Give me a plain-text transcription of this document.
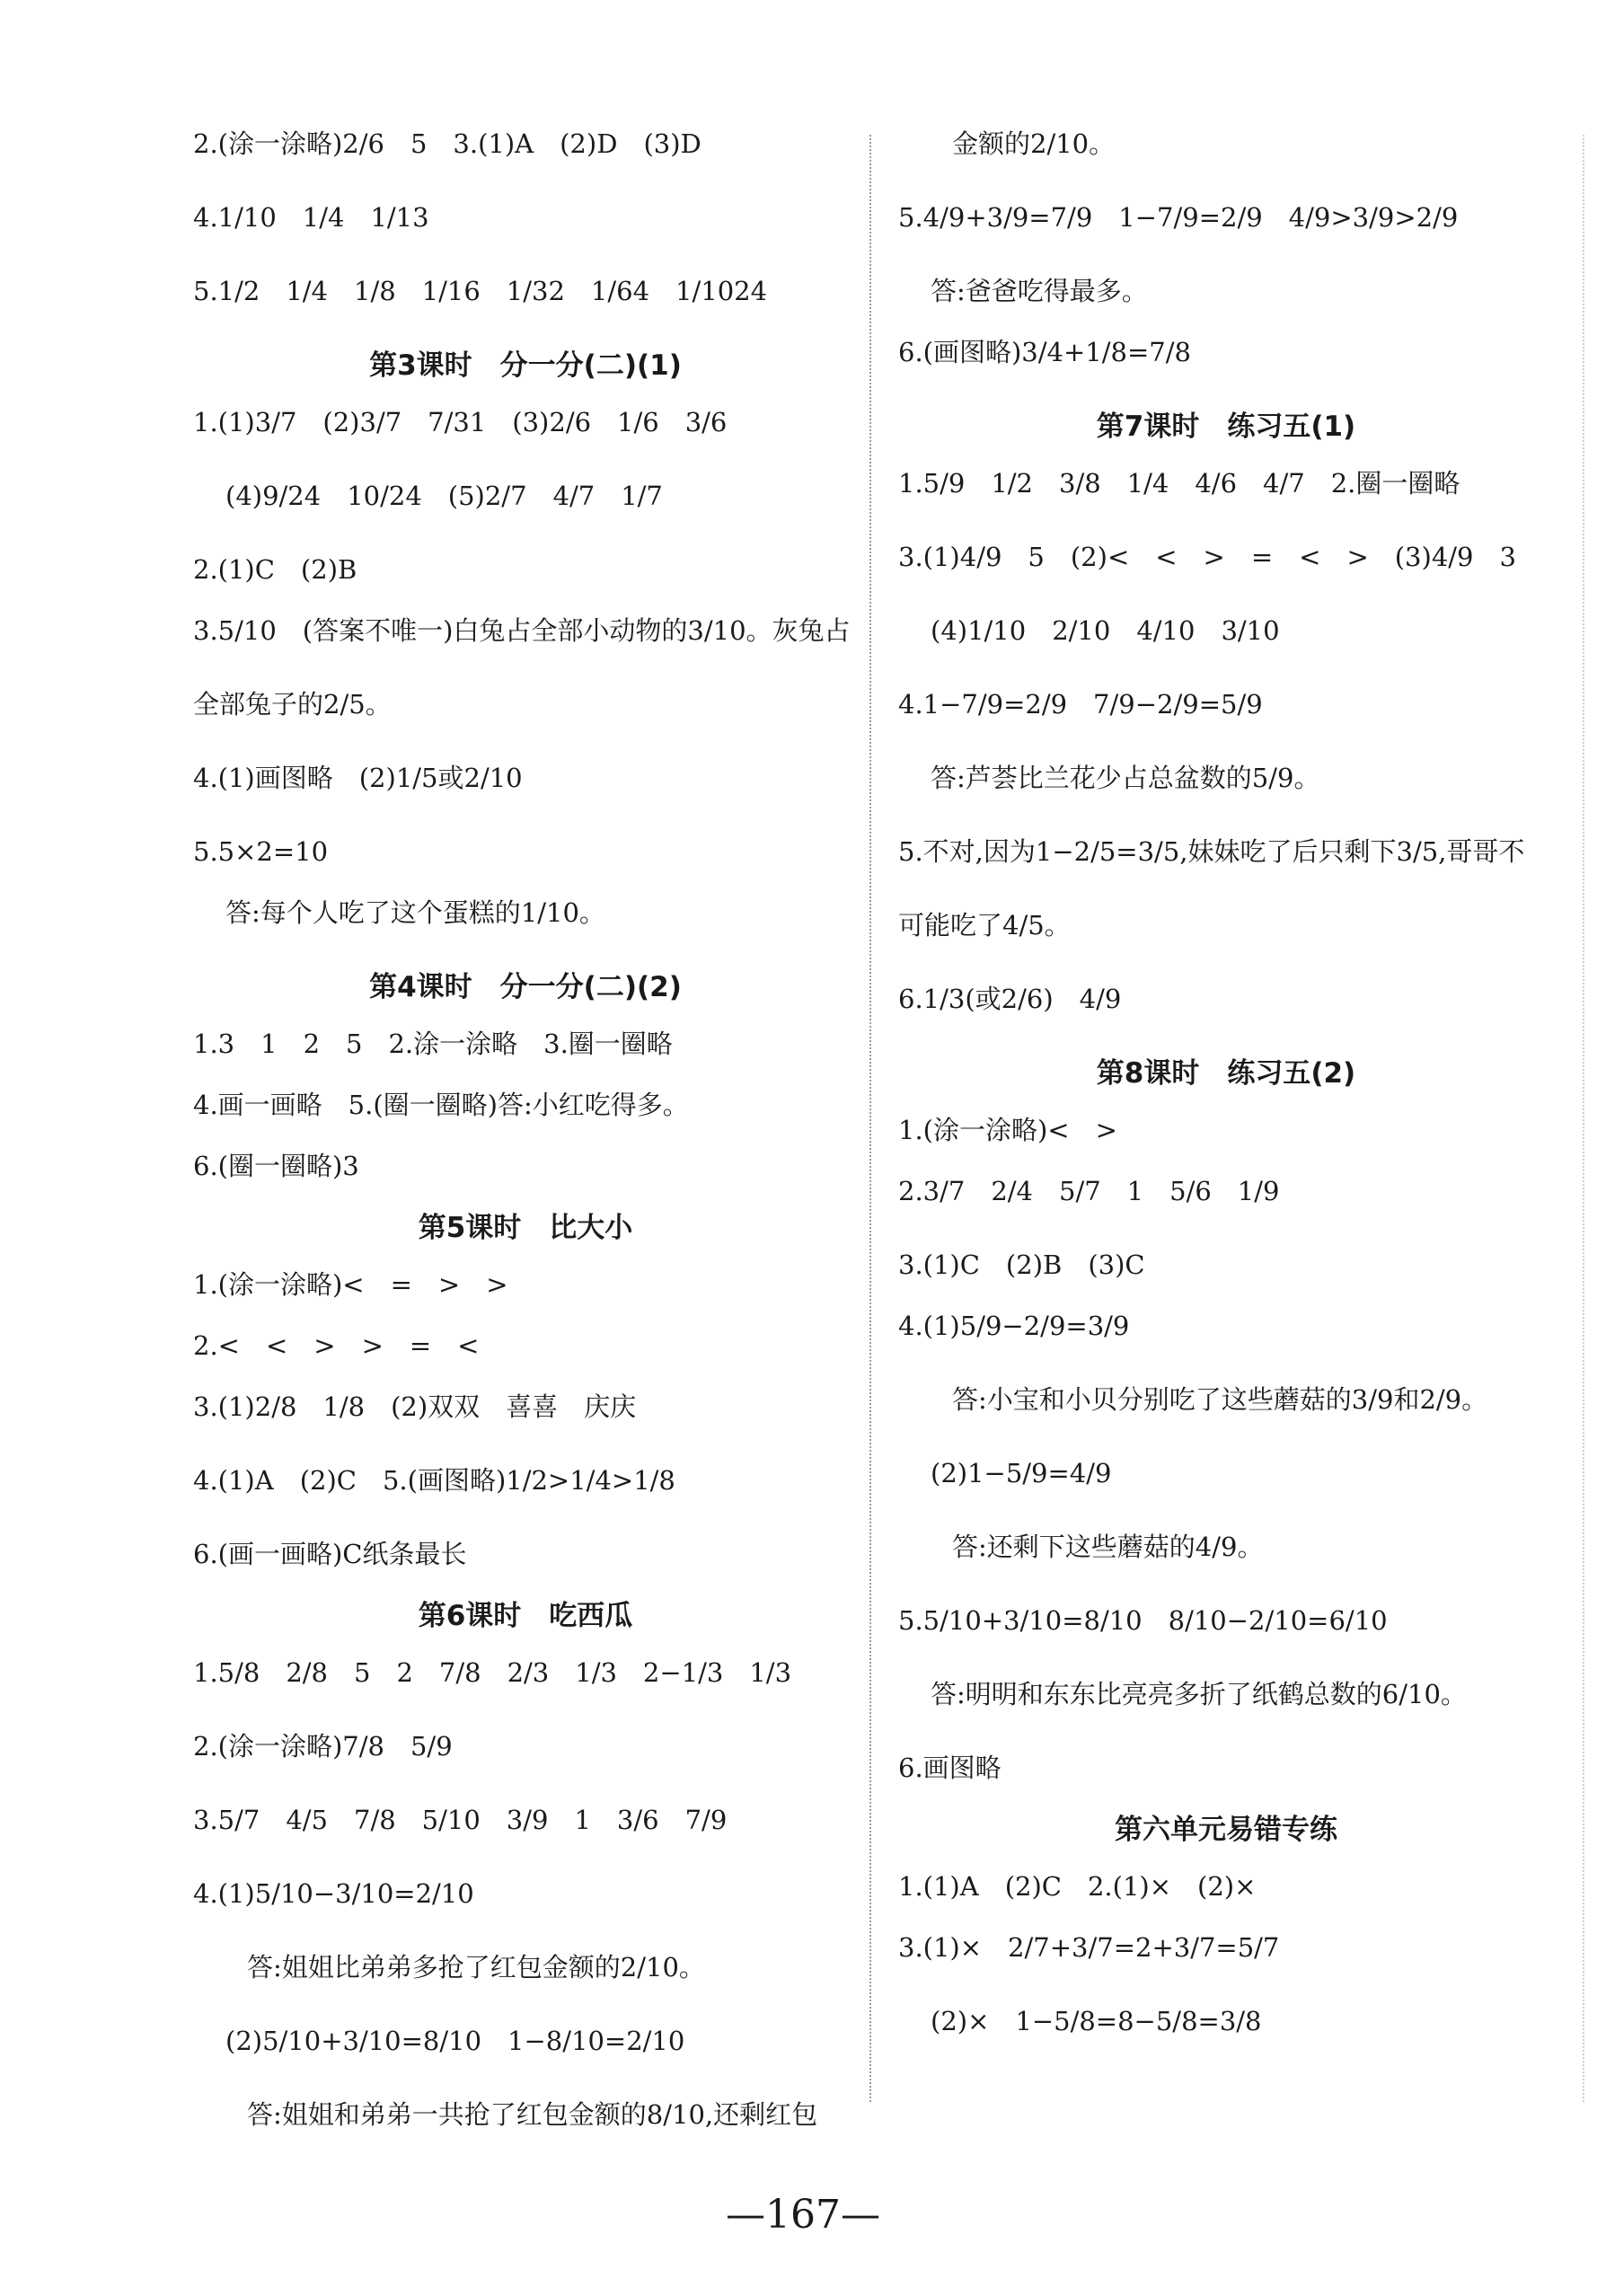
2.(涂一涂略)2/6　5　3.(1)A　(2)D　(3)D
4.1/10　1/4　1/13
5.1/2　1/4　1/8　1/16　1/32　1/64　1/1024
第3课时　分一分(二)(1)
1.(1)3/7　(2)3/7　7/31　(3)2/6　1/6　3/6
(4)9/24　10/24　(5)2/7　4/7　1/7
2.(1)C　(2)B
3.5/10　(答案不唯一)白兔占全部小动物的3/10。灰兔占
全部兔子的2/5。
4.(1)画图略　(2)1/5或2/10
5.5×2=10
答:每个人吃了这个蛋糕的1/10。
第4课时　分一分(二)(2)
1.3　1　2　5　2.涂一涂略　3.圈一圈略
4.画一画略　5.(圈一圈略)答:小红吃得多。
6.(圈一圈略)3
第5课时　比大小
1.(涂一涂略)<　=　>　>
2.<　<　>　>　=　<
3.(1)2/8　1/8　(2)双双　喜喜　庆庆
4.(1)A　(2)C　5.(画图略)1/2>1/4>1/8
6.(画一画略)C纸条最长
第6课时　吃西瓜
1.5/8　2/8　5　2　7/8　2/3　1/3　2−1/3　1/3
2.(涂一涂略)7/8　5/9
3.5/7　4/5　7/8　5/10　3/9　1　3/6　7/9
4.(1)5/10−3/10=2/10
答:姐姐比弟弟多抢了红包金额的2/10。
(2)5/10+3/10=8/10　1−8/10=2/10
答:姐姐和弟弟一共抢了红包金额的8/10,还剩红包
金额的2/10。
5.4/9+3/9=7/9　1−7/9=2/9　4/9>3/9>2/9
答:爸爸吃得最多。
6.(画图略)3/4+1/8=7/8
第7课时　练习五(1)
1.5/9　1/2　3/8　1/4　4/6　4/7　2.圈一圈略
3.(1)4/9　5　(2)<　<　>　=　<　>　(3)4/9　3
(4)1/10　2/10　4/10　3/10
4.1−7/9=2/9　7/9−2/9=5/9
答:芦荟比兰花少占总盆数的5/9。
5.不对,因为1−2/5=3/5,妹妹吃了后只剩下3/5,哥哥不
可能吃了4/5。
6.1/3(或2/6)　4/9
第8课时　练习五(2)
1.(涂一涂略)<　>
2.3/7　2/4　5/7　1　5/6　1/9
3.(1)C　(2)B　(3)C
4.(1)5/9−2/9=3/9
答:小宝和小贝分别吃了这些蘑菇的3/9和2/9。
(2)1−5/9=4/9
答:还剩下这些蘑菇的4/9。
5.5/10+3/10=8/10　8/10−2/10=6/10
答:明明和东东比亮亮多折了纸鹤总数的6/10。
6.画图略
第六单元易错专练
1.(1)A　(2)C　2.(1)×　(2)×
3.(1)×　2/7+3/7=2+3/7=5/7
(2)×　1−5/8=8−5/8=3/8
—167—
